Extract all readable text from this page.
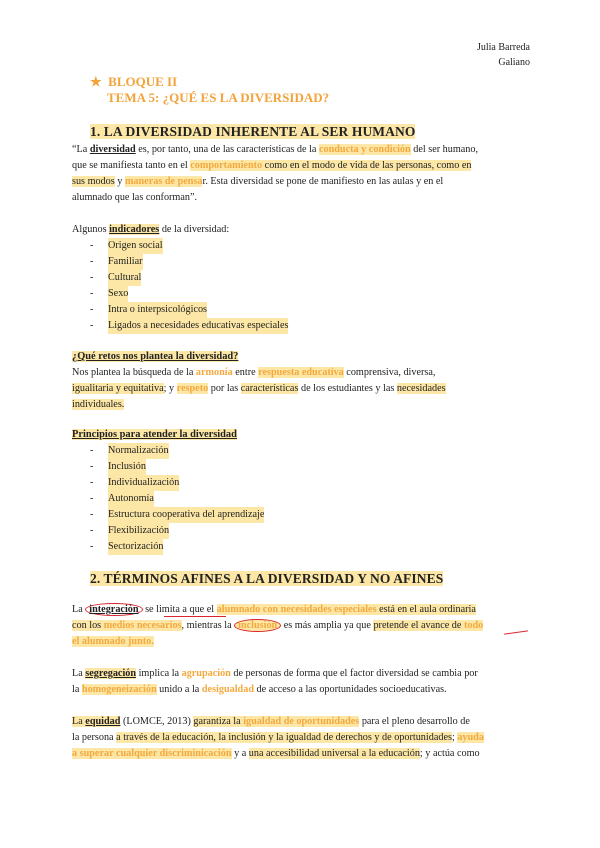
Julia Barreda
Galiano
★ BLOQUE II
TEMA 5: ¿QUÉ ES LA DIVERSIDAD?
1. LA DIVERSIDAD INHERENTE AL SER HUMANO
“La diversidad es, por tanto, una de las características de la conducta y condición del ser humano,
que se manifiesta tanto en el comportamiento como en el modo de vida de las personas, como en
sus modos y maneras de pensar. Esta diversidad se pone de manifiesto en las aulas y en el
alumnado que las conforman”.
Algunos indicadores de la diversidad:
-	Origen social
-	Familiar
-	Cultural
-	Sexo
-	Intra o interpsicológicos
-	Ligados a necesidades educativas especiales
¿Qué retos nos plantea la diversidad?
Nos plantea la búsqueda de la armonía entre respuesta educativa comprensiva, diversa,
igualitaria y equitativa; y respeto por las características de los estudiantes y las necesidades
individuales.
Principios para atender la diversidad
-	Normalización
-	Inclusión
-	Individualización
-	Autonomía
-	Estructura cooperativa del aprendizaje
-	Flexibilización
-	Sectorización
2. TÉRMINOS AFINES A LA DIVERSIDAD Y NO AFINES
La integración se limita a que el alumnado con necesidades especiales está en el aula ordinaria
con los medios necesarios, mientras la inclusión es más amplia ya que pretende el avance de todo
el alumnado junto.
La segregación implica la agrupación de personas de forma que el factor diversidad se cambia por
la homogeneización unido a la desigualdad de acceso a las oportunidades socioeducativas.
La equidad (LOMCE, 2013) garantiza la igualdad de oportunidades para el pleno desarrollo de
la persona a través de la educación, la inclusión y la igualdad de derechos y de oportunidades; ayuda
a superar cualquier discriminicación y a una accesibilidad universal a la educación; y actúa como
